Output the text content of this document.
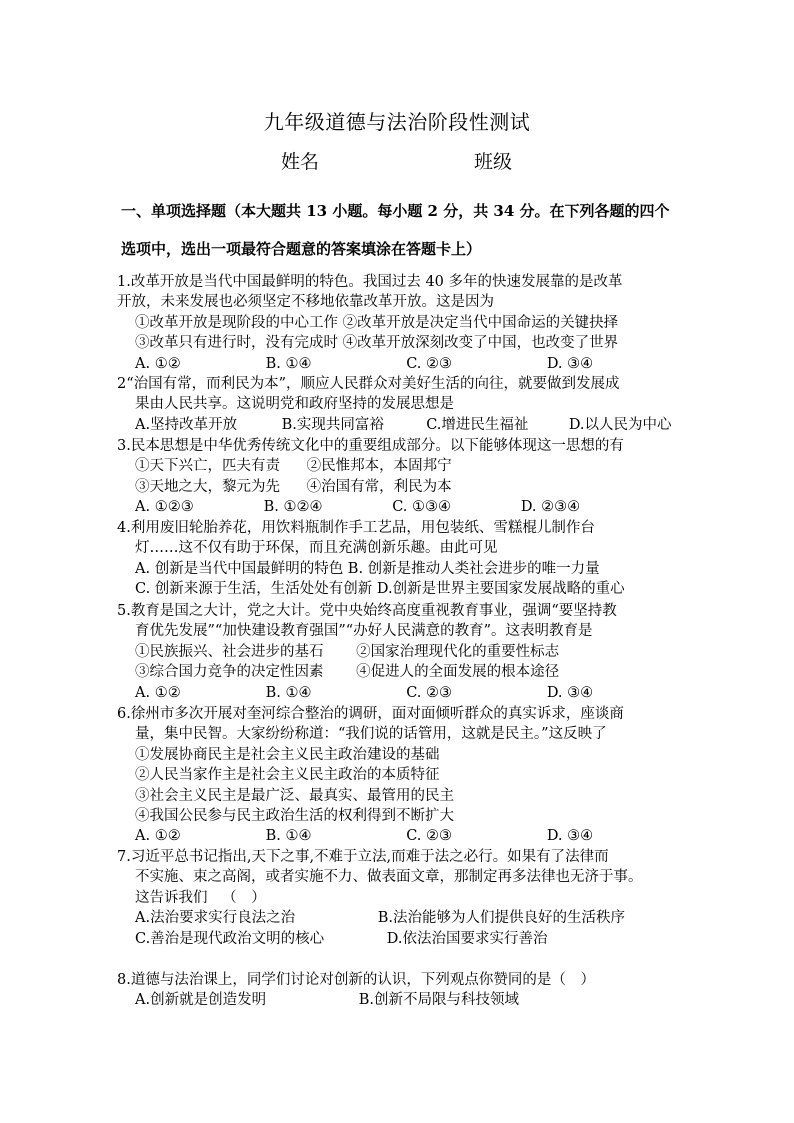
九年级道德与法治阶段性测试
姓名	班级
一、单项选择题（本大题共 13 小题。每小题 2 分，共 34 分。在下列各题的四个
选项中，选出一项最符合题意的答案填涂在答题卡上）
1.改革开放是当代中国最鲜明的特色。我国过去 40 多年的快速发展靠的是改革
开放，未来发展也必须坚定不移地依靠改革开放。这是因为
①改革开放是现阶段的中心工作 ②改革开放是决定当代中国命运的关键抉择
③改革只有进行时，没有完成时 ④改革开放深刻改变了中国，也改变了世界
A. ①②	B. ①④	C. ②③	D. ③④
2“治国有常，而利民为本”，顺应人民群众对美好生活的向往，就要做到发展成
果由人民共享。这说明党和政府坚持的发展思想是
A.坚持改革开放	B.实现共同富裕	C.增进民生福祉	D.以人民为中心
3.民本思想是中华优秀传统文化中的重要组成部分。以下能够体现这一思想的有
①天下兴亡，匹夫有责 ②民惟邦本，本固邦宁
③天地之大，黎元为先 ④治国有常，利民为本
A. ①②③	B. ①②④	C. ①③④	D. ②③④
4.利用废旧轮胎养花，用饮料瓶制作手工艺品，用包装纸、雪糕棍儿制作台
灯……这不仅有助于环保，而且充满创新乐趣。由此可见
A. 创新是当代中国最鲜明的特色 B. 创新是推动人类社会进步的唯一力量
C. 创新来源于生活，生活处处有创新 D.创新是世界主要国家发展战略的重心
5.教育是国之大计，党之大计。党中央始终高度重视教育事业，强调“要坚持教
育优先发展”“加快建设教育强国”“办好人民满意的教育”。这表明教育是
①民族振兴、社会进步的基石 ②国家治理现代化的重要性标志
③综合国力竞争的决定性因素 ④促进人的全面发展的根本途径
A. ①②	B. ①④	C. ②③	D. ③④
6.徐州市多次开展对奎河综合整治的调研，面对面倾听群众的真实诉求，座谈商
量，集中民智。大家纷纷称道：“我们说的话管用，这就是民主。”这反映了
①发展协商民主是社会主义民主政治建设的基础
②人民当家作主是社会主义民主政治的本质特征
③社会主义民主是最广泛、最真实、最管用的民主
④我国公民参与民主政治生活的权利得到不断扩大
A. ①②	B. ①④	C. ②③	D. ③④
7.习近平总书记指出,天下之事,不难于立法,而难于法之必行。如果有了法律而
不实施、束之高阁，或者实施不力、做表面文章，那制定再多法律也无济于事。
这告诉我们 （ ）
A.法治要求实行良法之治 B.法治能够为人们提供良好的生活秩序
C.善治是现代政治文明的核心 D.依法治国要求实行善治
8.道德与法治课上，同学们讨论对创新的认识，下列观点你赞同的是（ ）
A.创新就是创造发明 B.创新不局限与科技领域
